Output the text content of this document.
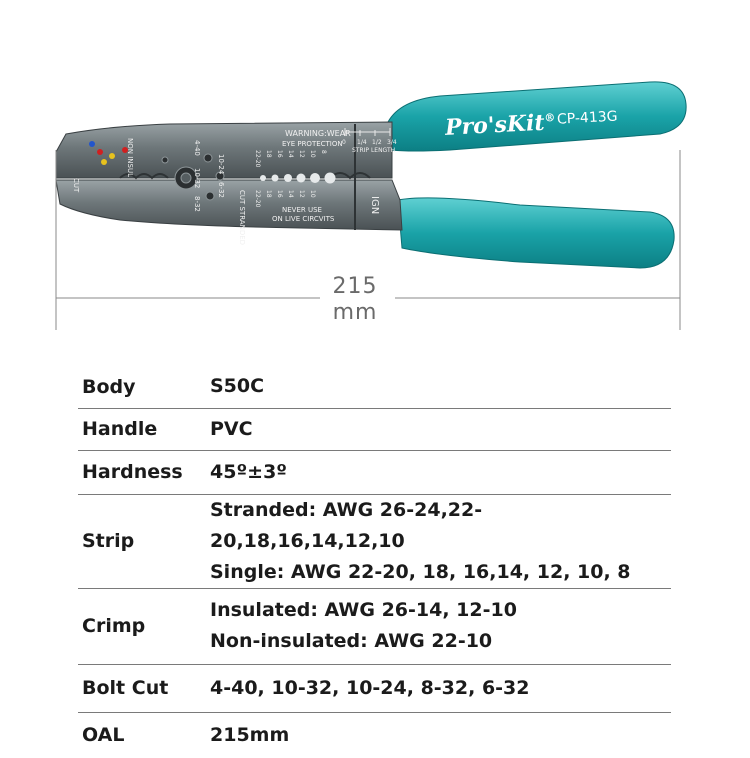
Pro'sKit® CP-413G
WARNING:WEAR
EYE PROTECTION
NEVER USE
ON LIVE CIRCVITS
IGN
STRIP LENGTH
0 1/4 1/2 3/4
NON INSUL
CUT
CUT STRANDED
4-40
10-24
10-32
6-32
8-32	22-20 18 16 14 12 10
22-20 18 16 14 12 10 8
215
mm
Body	S50C

Handle	PVC

Hardness	45º±3º

Strip	Stranded: AWG 26-24,22-20,18,16,14,12,10
Single: AWG 22-20, 18, 16,14, 12, 10, 8

Crimp	Insulated: AWG 26-14, 12-10
Non-insulated: AWG 22-10

Bolt Cut	4-40, 10-32, 10-24, 8-32, 6-32

OAL	215mm
